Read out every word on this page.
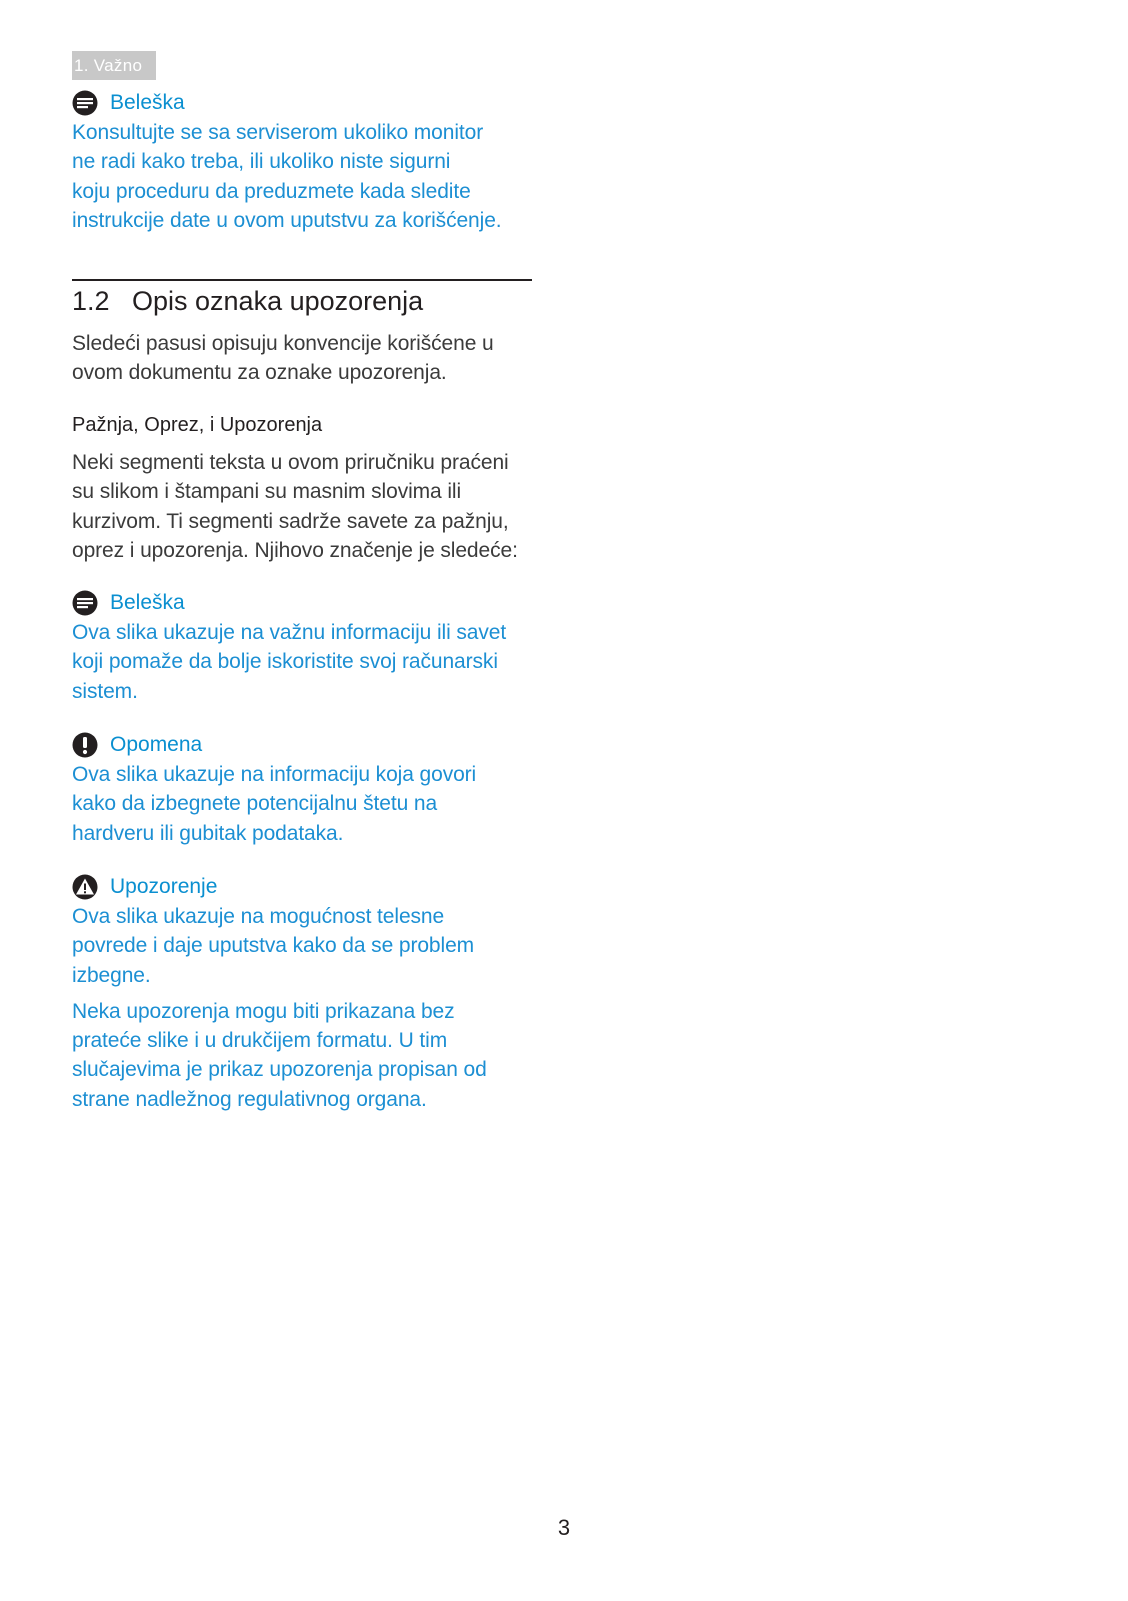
1. Važno
Beleška

Konsultujte se sa serviserom ukoliko monitor

ne radi kako treba, ili ukoliko niste sigurni

koju proceduru da preduzmete kada sledite

instrukcije date u ovom uputstvu za korišćenje.

1.2 Opis oznaka upozorenja

Sledeći pasusi opisuju konvencije korišćene u

ovom dokumentu za oznake upozorenja.

Pažnja, Oprez, i Upozorenja

Neki segmenti teksta u ovom priručniku praćeni

su slikom i štampani su masnim slovima ili

kurzivom. Ti segmenti sadrže savete za pažnju,

oprez i upozorenja. Njihovo značenje je sledeće:

Beleška

Ova slika ukazuje na važnu informaciju ili savet

koji pomaže da bolje iskoristite svoj računarski

sistem.

Opomena

Ova slika ukazuje na informaciju koja govori

kako da izbegnete potencijalnu štetu na

hardveru ili gubitak podataka.

Upozorenje

Ova slika ukazuje na mogućnost telesne

povrede i daje uputstva kako da se problem

izbegne.

Neka upozorenja mogu biti prikazana bez

prateće slike i u drukčijem formatu. U tim

slučajevima je prikaz upozorenja propisan od

strane nadležnog regulativnog organa.

3
